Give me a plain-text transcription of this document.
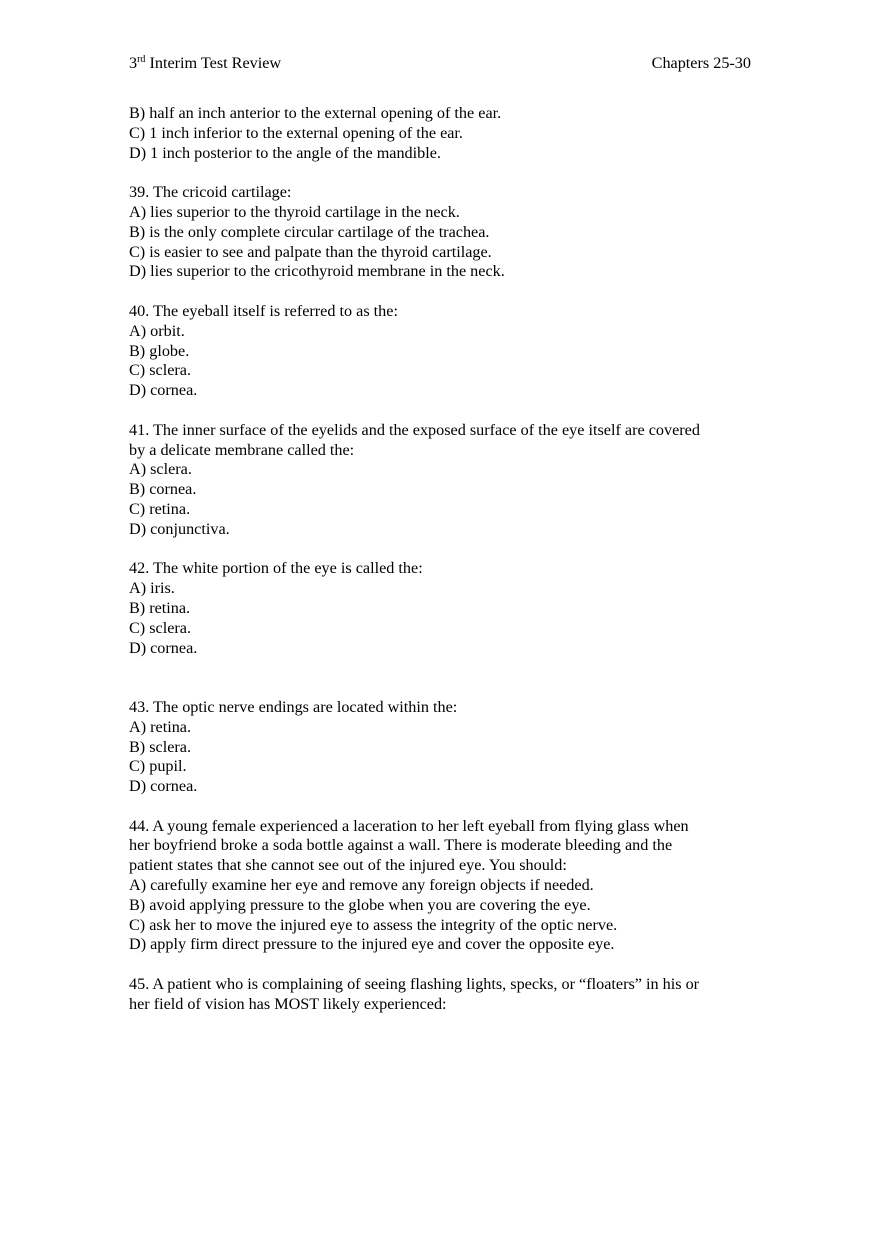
3rd Interim Test Review	Chapters 25-30
B) half an inch anterior to the external opening of the ear.
C) 1 inch inferior to the external opening of the ear.
D) 1 inch posterior to the angle of the mandible.
39. The cricoid cartilage:
A) lies superior to the thyroid cartilage in the neck.
B) is the only complete circular cartilage of the trachea.
C) is easier to see and palpate than the thyroid cartilage.
D) lies superior to the cricothyroid membrane in the neck.
40. The eyeball itself is referred to as the:
A) orbit.
B) globe.
C) sclera.
D) cornea.
41. The inner surface of the eyelids and the exposed surface of the eye itself are covered
by a delicate membrane called the:
A) sclera.
B) cornea.
C) retina.
D) conjunctiva.
42. The white portion of the eye is called the:
A) iris.
B) retina.
C) sclera.
D) cornea.
43. The optic nerve endings are located within the:
A) retina.
B) sclera.
C) pupil.
D) cornea.
44. A young female experienced a laceration to her left eyeball from flying glass when
her boyfriend broke a soda bottle against a wall. There is moderate bleeding and the
patient states that she cannot see out of the injured eye. You should:
A) carefully examine her eye and remove any foreign objects if needed.
B) avoid applying pressure to the globe when you are covering the eye.
C) ask her to move the injured eye to assess the integrity of the optic nerve.
D) apply firm direct pressure to the injured eye and cover the opposite eye.
45. A patient who is complaining of seeing flashing lights, specks, or “floaters” in his or
her field of vision has MOST likely experienced:
